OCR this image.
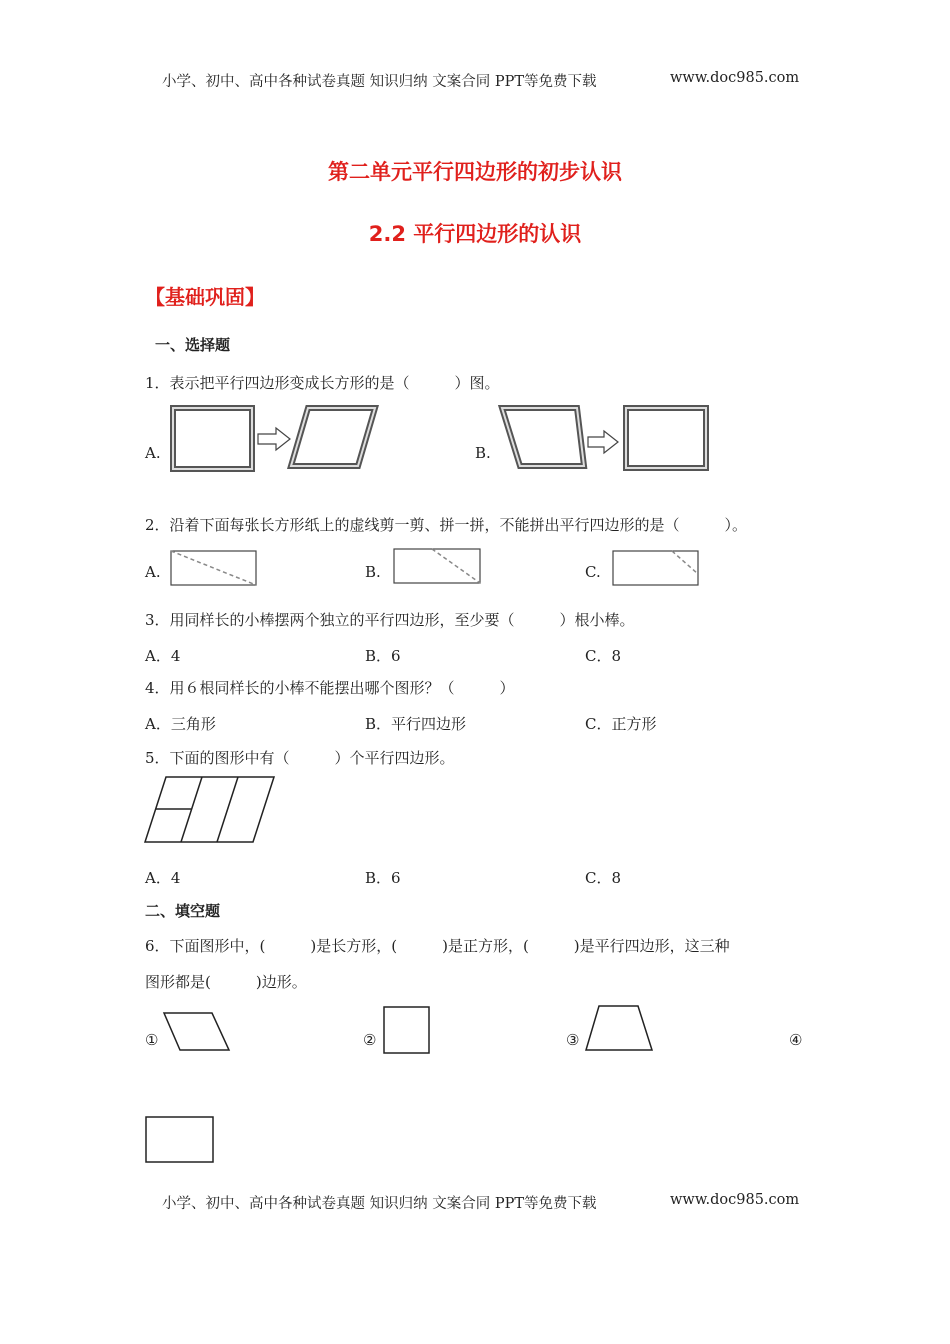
小学、初中、高中各种试卷真题 知识归纳 文案合同 PPT等免费下载	www.doc985.com
第二单元平行四边形的初步认识
2.2 平行四边形的认识
【基础巩固】
一、选择题
1．表示把平行四边形变成长方形的是（　　　）图。
A.	B.
2．沿着下面每张长方形纸上的虚线剪一剪、拼一拼，不能拼出平行四边形的是（　　　）。
A.	B.	C.
3．用同样长的小棒摆两个独立的平行四边形，至少要（　　　）根小棒。
A．4	B．6	C．8
4．用６根同样长的小棒不能摆出哪个图形？（　　　）
A．三角形	B．平行四边形	C．正方形
5．下面的图形中有（　　　）个平行四边形。
A．4	B．6	C．8
二、填空题
6．下面图形中，(　　　)是长方形，(　　　)是正方形，(　　　)是平行四边形，这三种
图形都是(　　　)边形。
①	②	③	④
小学、初中、高中各种试卷真题 知识归纳 文案合同 PPT等免费下载	www.doc985.com
